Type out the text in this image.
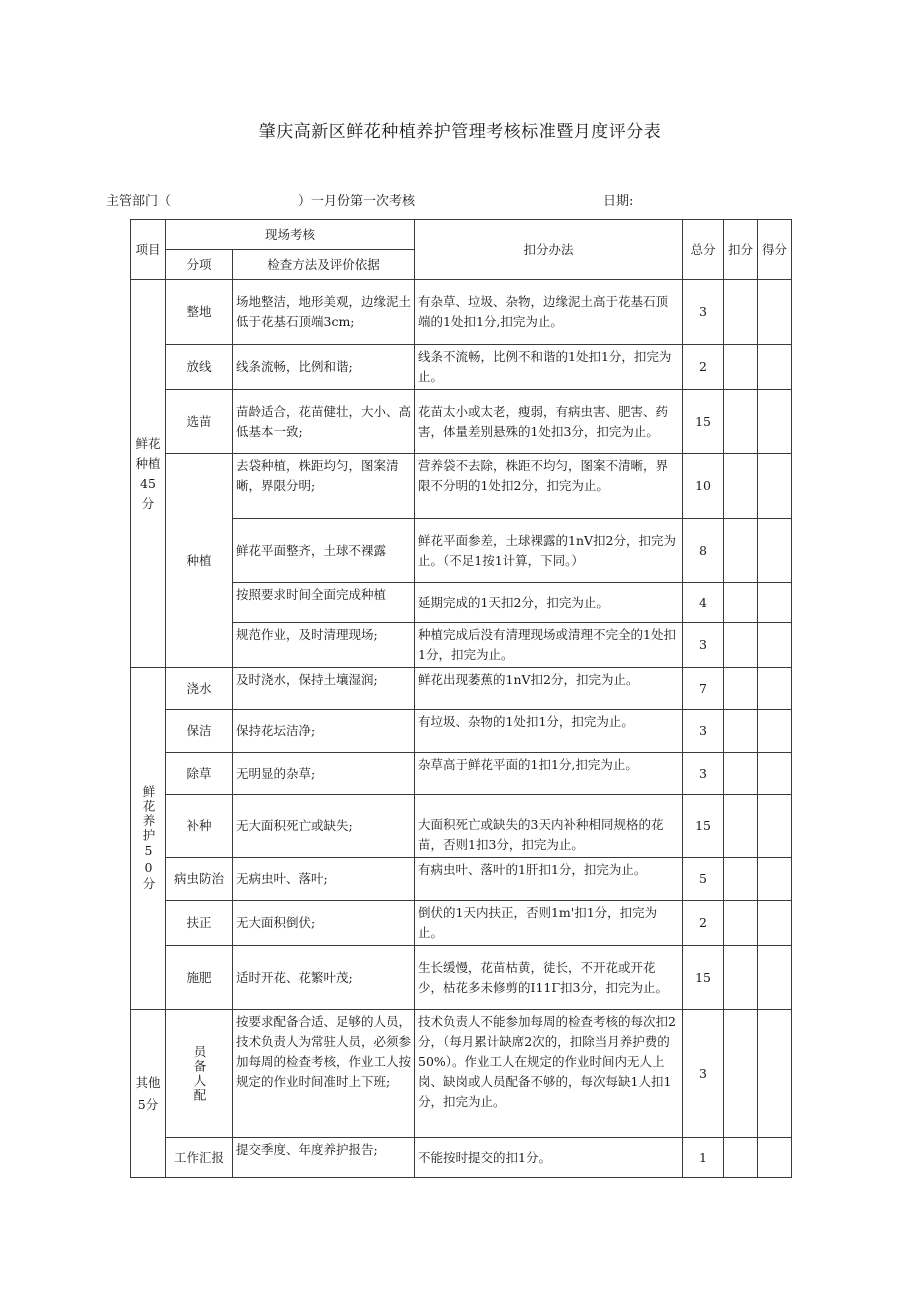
肇庆高新区鲜花种植养护管理考核标准暨月度评分表
主管部门（	）一月份第一次考核	日期:
项目	现场考核		扣分办法	总分	扣分	得分
	分项	检查方法及评价依据				
鲜花种植45分	整地	场地整洁，地形美观，边缘泥土低于花基石顶端3cm;	有杂草、垃圾、杂物，边缘泥土高于花基石顶端的1处扣1分,扣完为止。	3		
	放线	线条流畅，比例和谐;	线条不流畅，比例不和谐的1处扣1分，扣完为止。	2		
	选苗	苗龄适合，花苗健壮，大小、高低基本一致;	花苗太小或太老，瘦弱，有病虫害、肥害、药害，体量差别悬殊的1处扣3分，扣完为止。	15		
	种植	去袋种植，株距均匀，图案清晰，界限分明;	营养袋不去除，株距不均匀，图案不清晰，界限不分明的1处扣2分，扣完为止。	10		
		鲜花平面整齐，土球不裸露	鲜花平面参差，土球裸露的1nV扣2分，扣完为止。（不足1按1计算，下同。）	8		
		按照要求时间全面完成种植	延期完成的1天扣2分，扣完为止。	4		
		规范作业，及时清理现场;	种植完成后没有清理现场或清理不完全的1处扣1分，扣完为止。	3		

鲜花养护50分	浇水	及时浇水，保持土壤湿润;	鲜花出现萎蕉的1nV扣2分，扣完为止。	7		
	保洁	保持花坛洁净;	有垃圾、杂物的1处扣1分，扣完为止。	3		
	除草	无明显的杂草;	杂草高于鲜花平面的1扣1分,扣完为止。	3		
	补种	无大面积死亡或缺失;	大面积死亡或缺失的3天内补种相同规格的花苗，否则1扣3分，扣完为止。	15		
	病虫防治	无病虫叶、落叶;	有病虫叶、落叶的1肝扣1分，扣完为止。	5		
	扶正	无大面积倒伏;	倒伏的1天内扶正，否则1m'扣1分，扣完为止。	2		
	施肥	适时开花、花繁叶茂;	生长缓慢，花苗枯黄，徒长，不开花或开花少，枯花多未修剪的I11Γ扣3分，扣完为止。	15		
其他5分	员备人配	按要求配备合适、足够的人员，技术负责人为常驻人员，必须参加每周的检查考核，作业工人按规定的作业时间准时上下班;	技术负责人不能参加每周的检查考核的每次扣2分，（每月累计缺席2次的，扣除当月养护费的50%）。作业工人在规定的作业时间内无人上岗、缺岗或人员配备不够的，每次每缺1人扣1分，扣完为止。	3		
	工作汇报	提交季度、年度养护报告;	不能按时提交的扣1分。	1		
